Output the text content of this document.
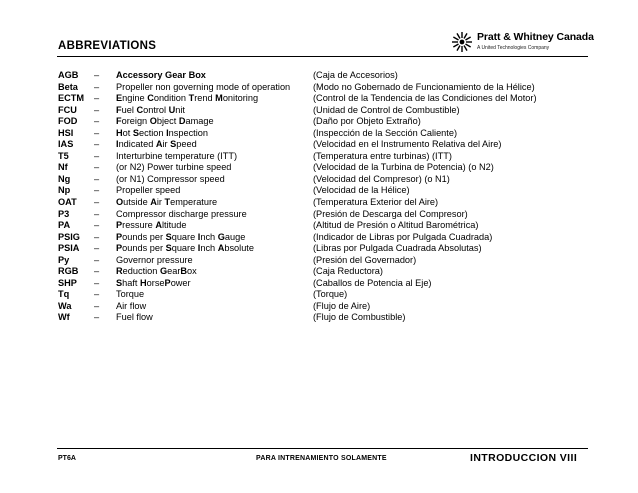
ABBREVIATIONS
Pratt & Whitney Canada
A United Technologies Company
AGB – Accessory Gear Box	(Caja de Accesorios)
Beta – Propeller non governing mode of operation (Modo no Gobernado de Funcionamiento de la Hélice)
ECTM – Engine Condition Trend Monitoring	(Control de la Tendencia de las Condiciones del Motor)
FCU – Fuel Control Unit	(Unidad de Control de Combustible)
FOD – Foreign Object Damage	(Daño por Objeto Extraño)
HSI – Hot Section Inspection	(Inspección de la Sección Caliente)
IAS – Indicated Air Speed	(Velocidad en el Instrumento Relativa del Aire)
T5	– Interturbine temperature (ITT)	(Temperatura entre turbinas) (ITT)
Nf	– (or N2) Power turbine speed	(Velocidad de la Turbina de Potencia) (o N2)
Ng	– (or N1) Compressor speed	(Velocidad del Compresor) (o N1)
Np	– Propeller speed	(Velocidad de la Hélice)
OAT – Outside Air Temperature	(Temperatura Exterior del Aire)
P3	– Compressor discharge pressure	(Presión de Descarga del Compresor)
PA	– Pressure Altitude	(Altitud de Presión o Altitud Barométrica)
PSIG – Pounds per Square Inch Gauge	(Indicador de Libras por Pulgada Cuadrada)
PSIA – Pounds per Square Inch Absolute	(Libras por Pulgada Cuadrada Absolutas)
Py	– Governor pressure	(Presión del Governador)
RGB – Reduction GearBox	(Caja Reductora)
SHP – Shaft HorsePower	(Caballos de Potencia al Eje)
Tq	– Torque	(Torque)
Wa – Air flow	(Flujo de Aire)
Wf	– Fuel flow	(Flujo de Combustible)
PT6A	PARA INTRENAMIENTO SOLAMENTE	INTRODUCCION VIII
